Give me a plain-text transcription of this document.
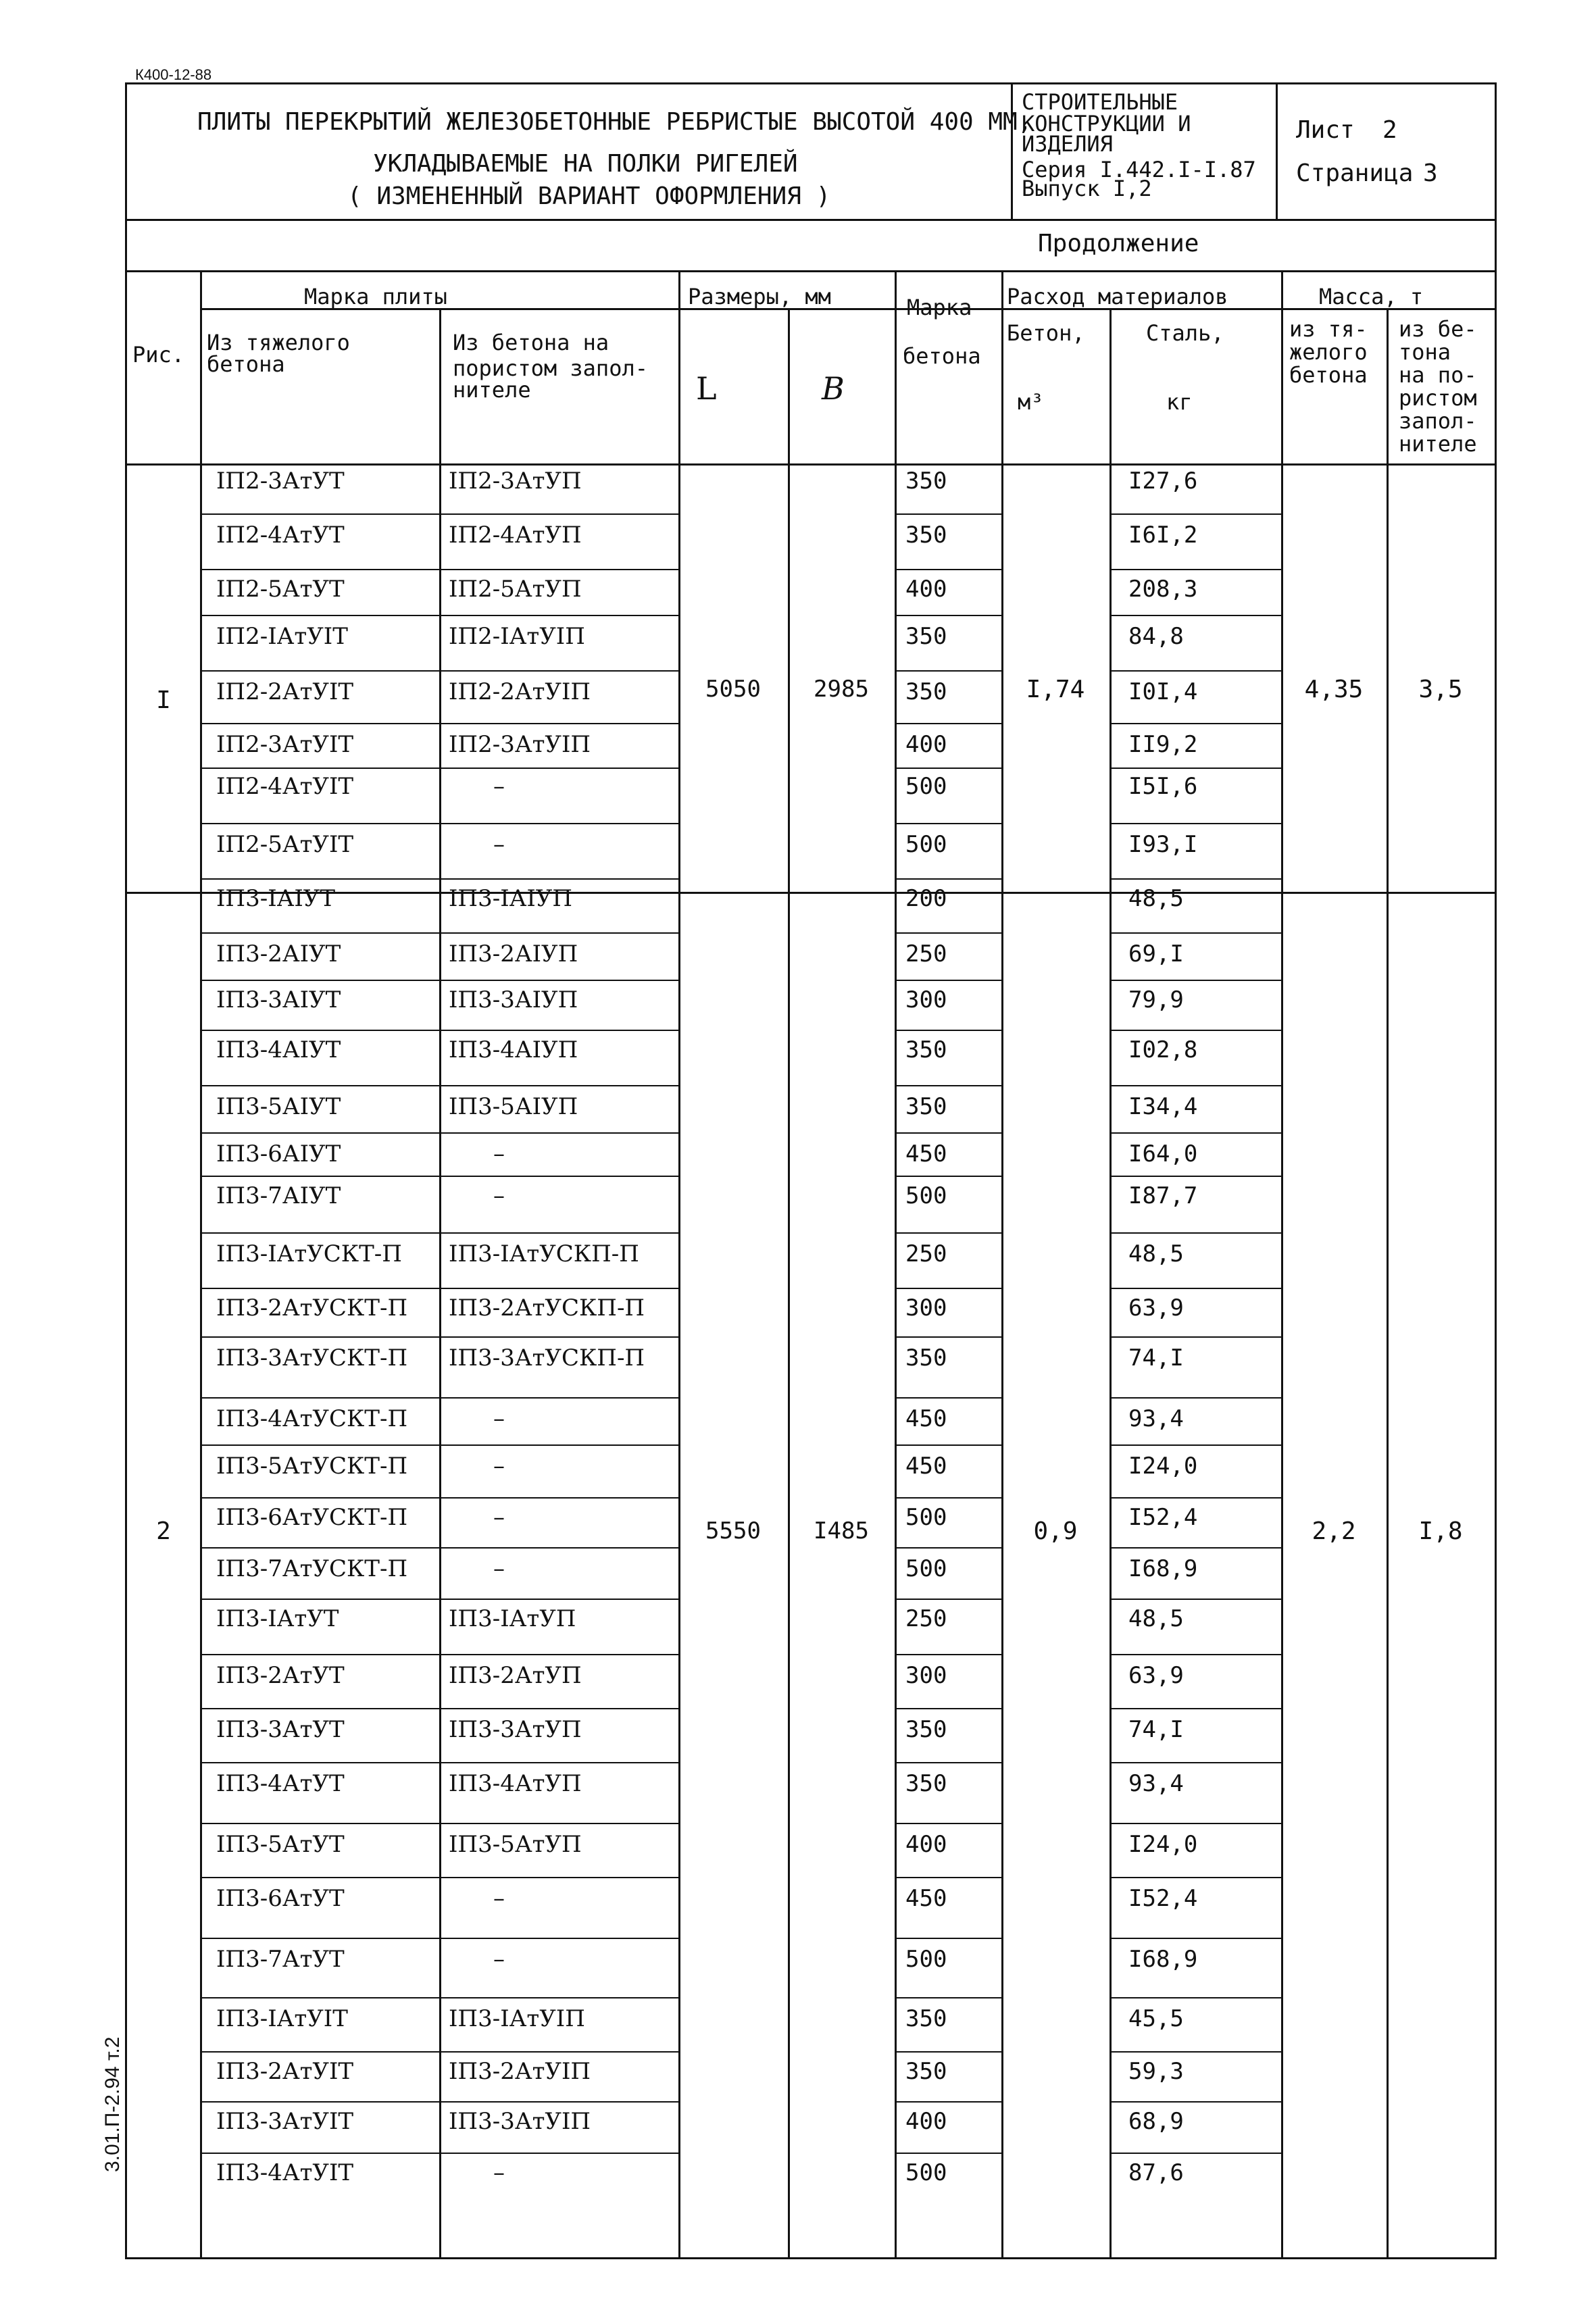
К400-12-88
3.01.П-2.94 т.2
ПЛИТЫ ПЕРЕКРЫТИЙ ЖЕЛЕЗОБЕТОННЫЕ РЕБРИСТЫЕ ВЫСОТОЙ 400 ММ,
УКЛАДЫВАЕМЫЕ НА ПОЛКИ РИГЕЛЕЙ
( ИЗМЕНЕННЫЙ ВАРИАНТ ОФОРМЛЕНИЯ )
СТРОИТЕЛЬНЫЕ
КОНСТРУКЦИИ И
ИЗДЕЛИЯ
Серия I.442.I-I.87
Выпуск I,2
Лист 2
Страница 3
Продолжение
Рис.
Марка плиты
Из тяжелого
бетона
Из бетона на
пористом запол-
нителе
Размеры, мм
L	B
Марка
бетона
Расход материалов
Бетон,
м³
Сталь,
кг
Масса, т
из тя-
желого
бетона
из бе-
тона
на по-
ристом
запол-
нителе
I	5050	2985	I,74	4,35	3,5
2	5550	I485	0,9	2,2	I,8
IП2-3АтУТ	IП2-3АтУП	350	I27,6
IП2-4АтУТ	IП2-4АтУП	350	I6I,2
IП2-5АтУТ	IП2-5АтУП	400	208,3
IП2-IАтУIТ	IП2-IАтУIП	350	84,8
IП2-2АтУIТ	IП2-2АтУIП	350	I0I,4
IП2-3АтУIТ	IП2-3АтУIП	400	II9,2
IП2-4АтУIТ	–	500	I5I,6
IП2-5АтУIТ	–	500	I93,I
IП3-IАIУТ	IП3-IАIУП	200	48,5
IП3-2АIУТ	IП3-2АIУП	250	69,I
IП3-3АIУТ	IП3-3АIУП	300	79,9
IП3-4АIУТ	IП3-4АIУП	350	I02,8
IП3-5АIУТ	IП3-5АIУП	350	I34,4
IП3-6АIУТ	–	450	I64,0
IП3-7АIУТ	–	500	I87,7
IП3-IАтУСКТ-П IП3-IАтУСКП-П	250	48,5
IП3-2АтУСКТ-П IП3-2АтУСКП-П	300	63,9
IП3-3АтУСКТ-П IП3-3АтУСКП-П	350	74,I
IП3-4АтУСКТ-П	–	450	93,4
IП3-5АтУСКТ-П	–	450	I24,0
IП3-6АтУСКТ-П	–	500	I52,4
IП3-7АтУСКТ-П	–	500	I68,9
IП3-IАтУТ	IП3-IАтУП	250	48,5
IП3-2АтУТ	IП3-2АтУП	300	63,9
IП3-3АтУТ	IП3-3АтУП	350	74,I
IП3-4АтУТ	IП3-4АтУП	350	93,4
IП3-5АтУТ	IП3-5АтУП	400	I24,0
IП3-6АтУТ	–	450	I52,4
IП3-7АтУТ	–	500	I68,9
IП3-IАтУIТ	IП3-IАтУIП	350	45,5
IП3-2АтУIТ	IП3-2АтУIП	350	59,3
IП3-3АтУIТ	IП3-3АтУIП	400	68,9
IП3-4АтУIТ	–	500	87,6
